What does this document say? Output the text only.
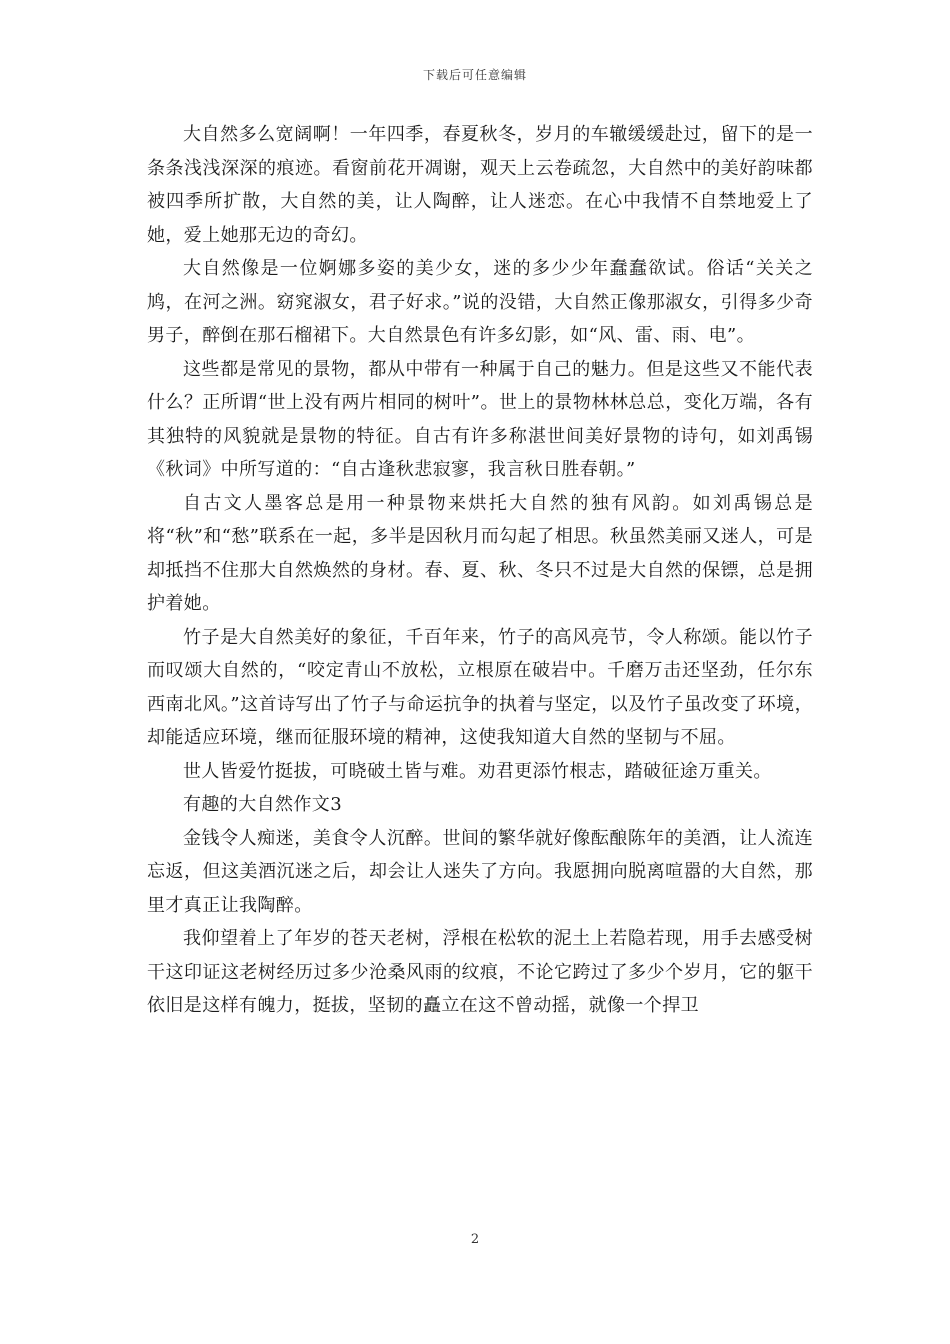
下载后可任意编辑

大自然多么宽阔啊！一年四季，春夏秋冬，岁月的车辙缓缓赴过，留下的是一条条浅浅深深的痕迹。看窗前花开凋谢，观天上云卷疏忽，大自然中的美好韵味都被四季所扩散，大自然的美，让人陶醉，让人迷恋。在心中我情不自禁地爱上了她，爱上她那无边的奇幻。

大自然像是一位婀娜多姿的美少女，迷的多少少年蠢蠢欲试。俗话“关关之鸠，在河之洲。窈窕淑女，君子好求。”说的没错，大自然正像那淑女，引得多少奇男子，醉倒在那石榴裙下。大自然景色有许多幻影，如“风、雷、雨、电”。

这些都是常见的景物，都从中带有一种属于自己的魅力。但是这些又不能代表什么？正所谓“世上没有两片相同的树叶”。世上的景物林林总总，变化万端，各有其独特的风貌就是景物的特征。自古有许多称湛世间美好景物的诗句，如刘禹锡《秋词》中所写道的：“自古逢秋悲寂寥，我言秋日胜春朝。”

自古文人墨客总是用一种景物来烘托大自然的独有风韵。如刘禹锡总是将“秋”和“愁”联系在一起，多半是因秋月而勾起了相思。秋虽然美丽又迷人，可是却抵挡不住那大自然焕然的身材。春、夏、秋、冬只不过是大自然的保镖，总是拥护着她。

竹子是大自然美好的象征，千百年来，竹子的高风亮节，令人称颂。能以竹子而叹颂大自然的，“咬定青山不放松，立根原在破岩中。千磨万击还坚劲，任尔东西南北风。”这首诗写出了竹子与命运抗争的执着与坚定，以及竹子虽改变了环境，却能适应环境，继而征服环境的精神，这使我知道大自然的坚韧与不屈。

世人皆爱竹挺拔，可晓破土皆与难。劝君更添竹根志，踏破征途万重关。

有趣的大自然作文3

金钱令人痴迷，美食令人沉醉。世间的繁华就好像酝酿陈年的美酒，让人流连忘返，但这美酒沉迷之后，却会让人迷失了方向。我愿拥向脱离喧嚣的大自然，那里才真正让我陶醉。

我仰望着上了年岁的苍天老树，浮根在松软的泥土上若隐若现，用手去感受树干这印证这老树经历过多少沧桑风雨的纹痕，不论它跨过了多少个岁月，它的躯干依旧是这样有魄力，挺拔，坚韧的矗立在这不曾动摇，就像一个捍卫

2
